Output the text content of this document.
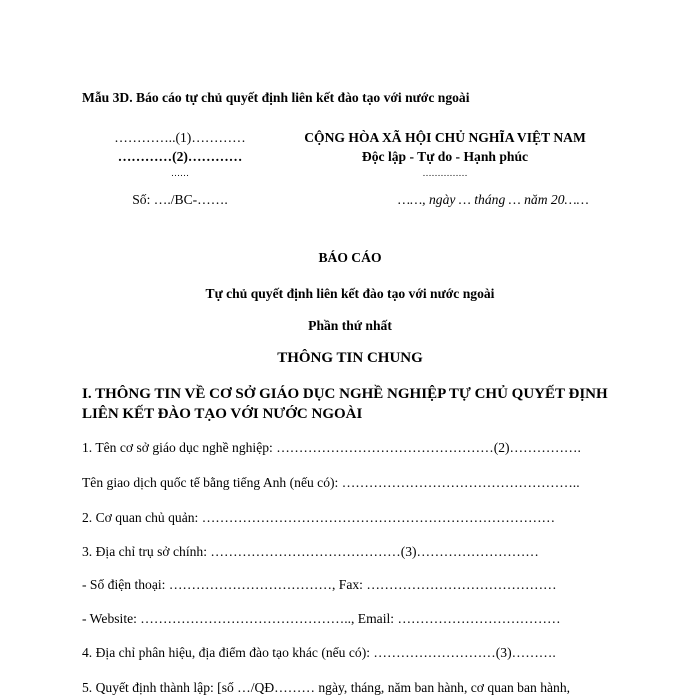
Mẫu 3D. Báo cáo tự chủ quyết định liên kết đào tạo với nước ngoài
…………..(1)…………
…………(2)…………
……
Số: …./BC-…….
CỘNG HÒA XÃ HỘI CHỦ NGHĨA VIỆT NAM
Độc lập - Tự do - Hạnh phúc
……………
……, ngày … tháng … năm 20……
BÁO CÁO
Tự chủ quyết định liên kết đào tạo với nước ngoài
Phần thứ nhất
THÔNG TIN CHUNG
I. THÔNG TIN VỀ CƠ SỞ GIÁO DỤC NGHỀ NGHIỆP TỰ CHỦ QUYẾT ĐỊNH
LIÊN KẾT ĐÀO TẠO VỚI NƯỚC NGOÀI
1. Tên cơ sở giáo dục nghề nghiệp: …………………………………………(2)…………….
Tên giao dịch quốc tế bằng tiếng Anh (nếu có): ……………………………………………..
2. Cơ quan chủ quản: ……………………………………………………………………
3. Địa chỉ trụ sở chính: ……………………………………(3)………………………
- Số điện thoại: ………………………………, Fax: ……………………………………
- Website: ……………………………………….., Email: ………………………………
4. Địa chỉ phân hiệu, địa điểm đào tạo khác (nếu có): ………………………(3)……….
5. Quyết định thành lập: [số …/QĐ……… ngày, tháng, năm ban hành, cơ quan ban hành,
